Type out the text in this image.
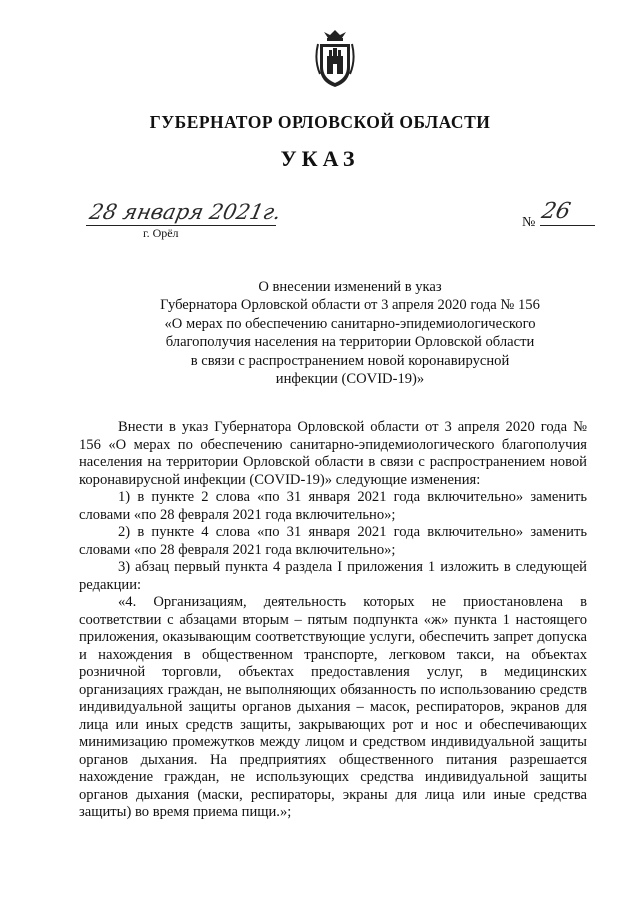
ГУБЕРНАТОР ОРЛОВСКОЙ ОБЛАСТИ
УКАЗ
28 января 2021г.
г. Орёл
№ 26
О внесении изменений в указ
Губернатора Орловской области от 3 апреля 2020 года № 156
«О мерах по обеспечению санитарно-эпидемиологического
благополучия населения на территории Орловской области
в связи с распространением новой коронавирусной
инфекции (COVID-19)»

Внести в указ Губернатора Орловской области от 3 апреля 2020 года № 156 «О мерах по обеспечению санитарно-эпидемиологического благополучия населения на территории Орловской области в связи с распространением новой коронавирусной инфекции (COVID-19)» следующие изменения:

1) в пункте 2 слова «по 31 января 2021 года включительно» заменить словами «по 28 февраля 2021 года включительно»;

2) в пункте 4 слова «по 31 января 2021 года включительно» заменить словами «по 28 февраля 2021 года включительно»;

3) абзац первый пункта 4 раздела I приложения 1 изложить в следующей редакции:

«4. Организациям, деятельность которых не приостановлена в соответствии с абзацами вторым – пятым подпункта «ж» пункта 1 настоящего приложения, оказывающим соответствующие услуги, обеспечить запрет допуска и нахождения в общественном транспорте, легковом такси, на объектах розничной торговли, объектах предоставления услуг, в медицинских организациях граждан, не выполняющих обязанность по использованию средств индивидуальной защиты органов дыхания – масок, респираторов, экранов для лица или иных средств защиты, закрывающих рот и нос и обеспечивающих минимизацию промежутков между лицом и средством индивидуальной защиты органов дыхания. На предприятиях общественного питания разрешается нахождение граждан, не использующих средства индивидуальной защиты органов дыхания (маски, респираторы, экраны для лица или иные средства защиты) во время приема пищи.»;
